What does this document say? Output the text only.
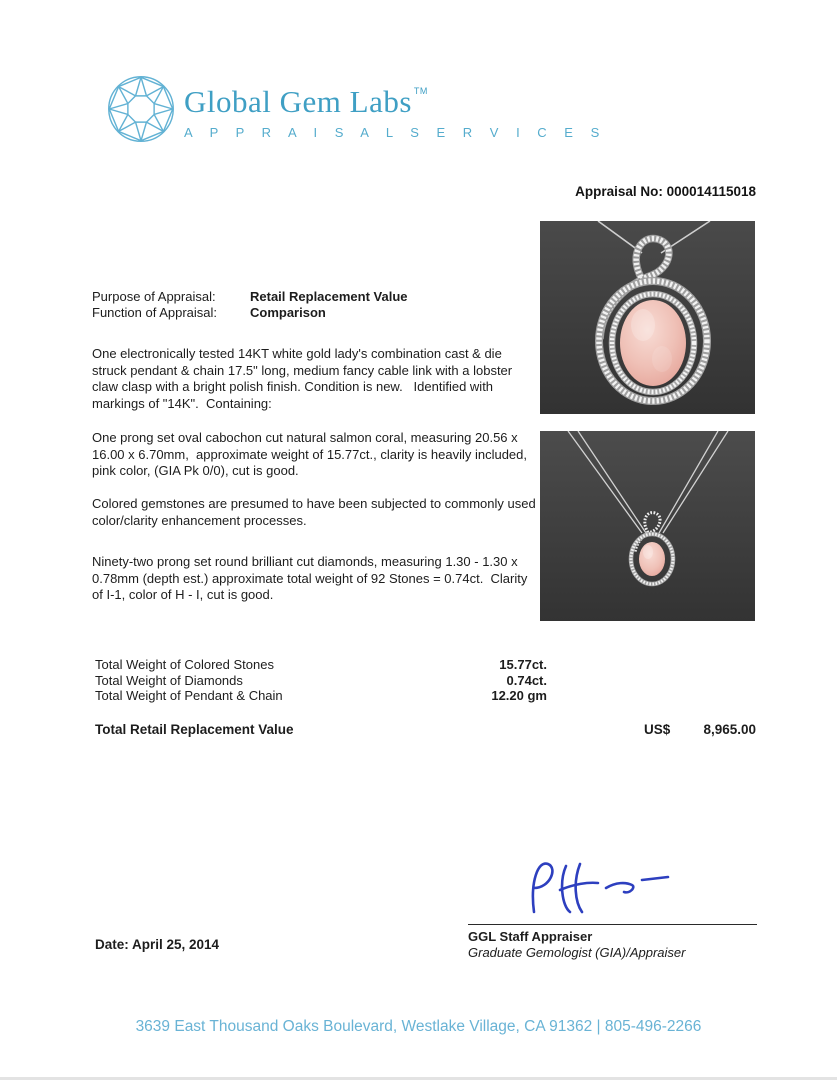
Global Gem Labs ™
A P P R A I S A L S E R V I C E S
Appraisal No: 000014115018
Purpose of Appraisal:	Retail Replacement Value
Function of Appraisal:	Comparison

One electronically tested 14KT white gold lady's combination cast & die struck pendant & chain 17.5" long, medium fancy cable link with a lobster claw clasp with a bright polish finish. Condition is new.   Identified with markings of "14K".  Containing:

One prong set oval cabochon cut natural salmon coral, measuring 20.56 x 16.00 x 6.70mm,  approximate weight of 15.77ct., clarity is heavily included, pink color, (GIA Pk 0/0), cut is good.

Colored gemstones are presumed to have been subjected to commonly used color/clarity enhancement processes.

Ninety-two prong set round brilliant cut diamonds, measuring 1.30 - 1.30 x 0.78mm (depth est.) approximate total weight of 92 Stones = 0.74ct.  Clarity of I-1, color of H - I, cut is good.

Total Weight of Colored Stones	15.77ct.
Total Weight of Diamonds	0.74ct.
Total Weight of Pendant & Chain	12.20 gm
Total Retail Replacement Value	US$ 8,965.00
GGL Staff Appraiser
Graduate Gemologist (GIA)/Appraiser
Date: April 25, 2014
3639 East Thousand Oaks Boulevard, Westlake Village, CA 91362 | 805-496-2266
